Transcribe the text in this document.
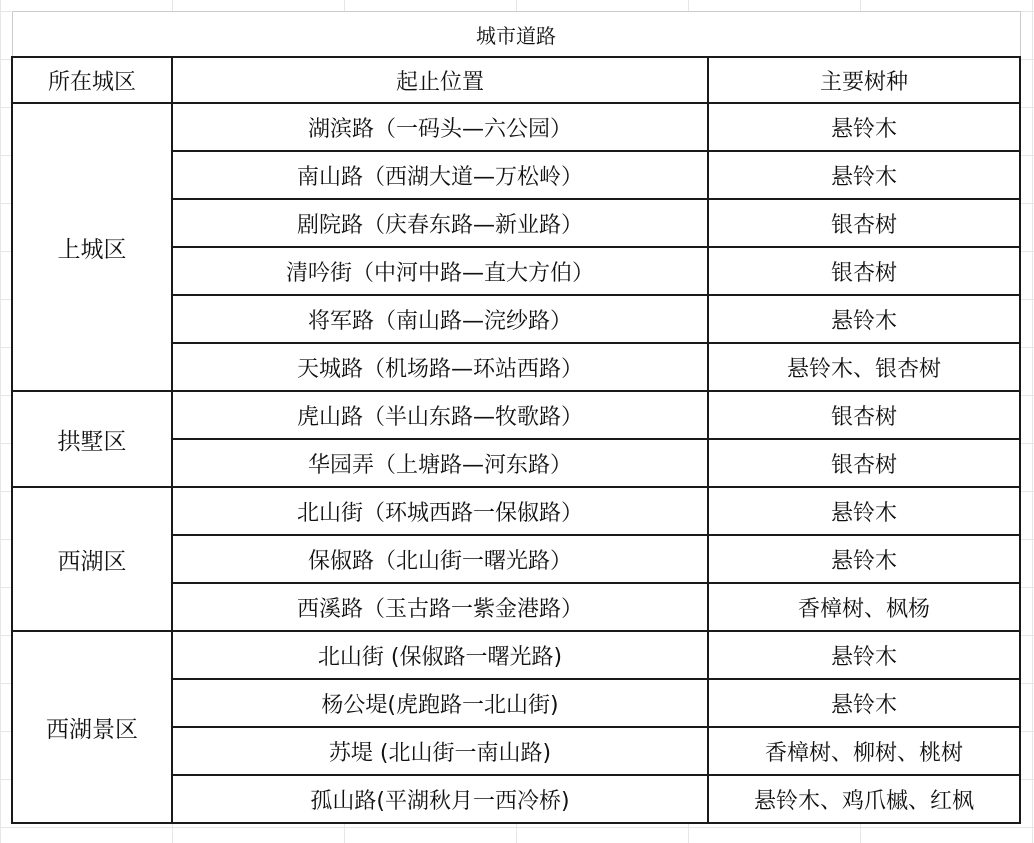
城市道路		
所在城区	起止位置	主要树种
上城区	湖滨路（一码头—六公园）	悬铃木
	南山路（西湖大道—万松岭）	悬铃木
	剧院路（庆春东路—新业路）	银杏树
	清吟街（中河中路—直大方伯）	银杏树
	将军路（南山路—浣纱路）	悬铃木
	天城路（机场路—环站西路）	悬铃木、银杏树
拱墅区	虎山路（半山东路—牧歌路）	银杏树
	华园弄（上塘路—河东路）	银杏树
西湖区	北山街（环城西路一保俶路）	悬铃木
	保俶路（北山街一曙光路）	悬铃木
	西溪路（玉古路一紫金港路）	香樟树、枫杨
西湖景区	北山街 (保俶路一曙光路)	悬铃木
	杨公堤(虎跑路一北山街)	悬铃木
	苏堤 (北山街一南山路)	香樟树、柳树、桃树
	孤山路(平湖秋月一西冷桥)	悬铃木、鸡爪槭、红枫
